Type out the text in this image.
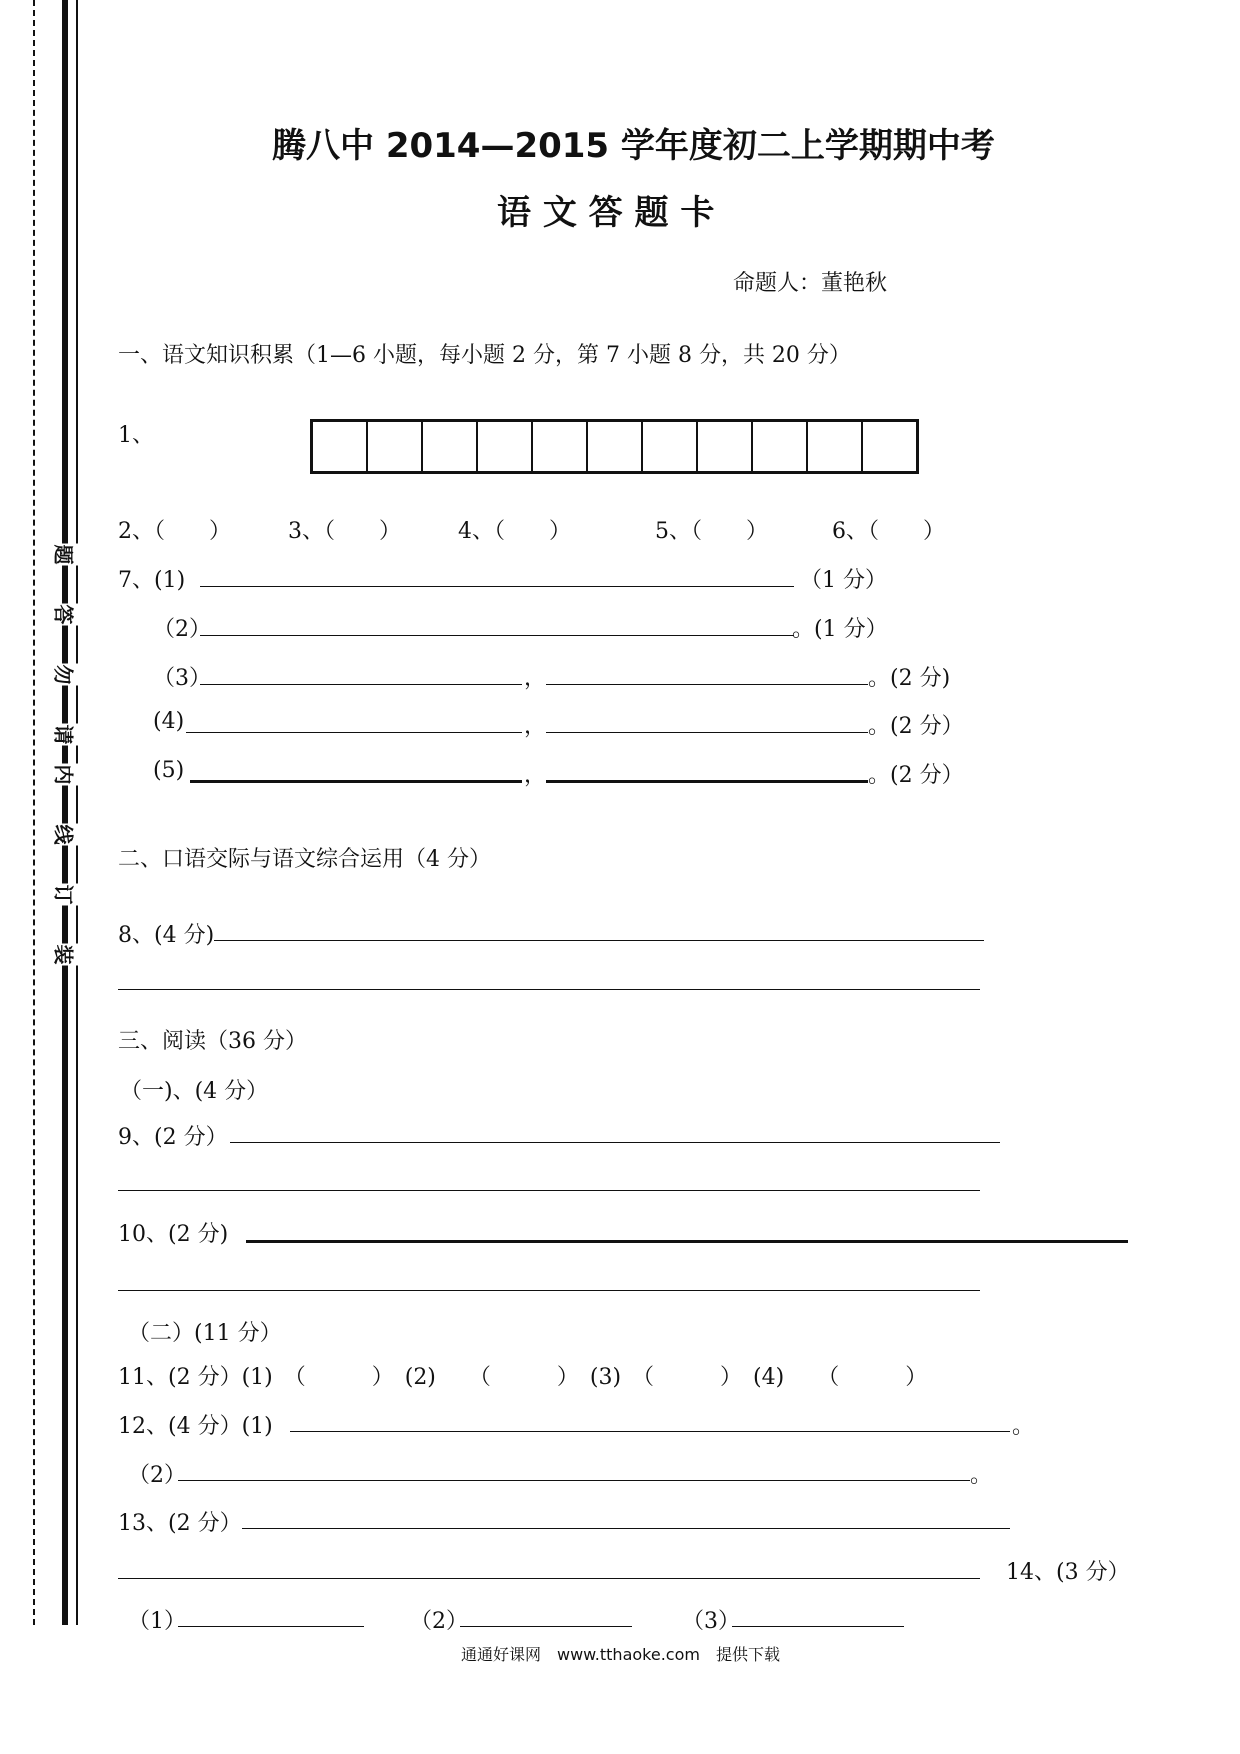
装
订
线
内
请
勿
答
题
腾八中 2014—2015 学年度初二上学期期中考
语 文 答 题 卡
命题人：董艳秋
一、语文知识积累（1—6 小题，每小题 2 分，第 7 小题 8 分，共 20 分）
1、
2、（　　）	3、（　　）	4、（　　）	5、（　　）	6、（　　）
7、(1)	（1 分）
（2）	。(1 分）
（3）	，	。(2 分)
(4)	，	。(2 分）
(5)	，	。(2 分）
二、口语交际与语文综合运用（4 分）
8、(4 分)
三、阅读（36 分）
（一)、(4 分）
9、(2 分）
10、(2 分)
（二）(11 分）
11、(2 分）(1)　（　　　）　(2)　　（　　　）　(3)　（　　　）　(4)　　（　　　）
12、(4 分）(1)	。
（2）	。
13、(2 分）
14、(3 分）
（1）	（2）	（3）
通通好课网　www.tthaoke.com　提供下载
